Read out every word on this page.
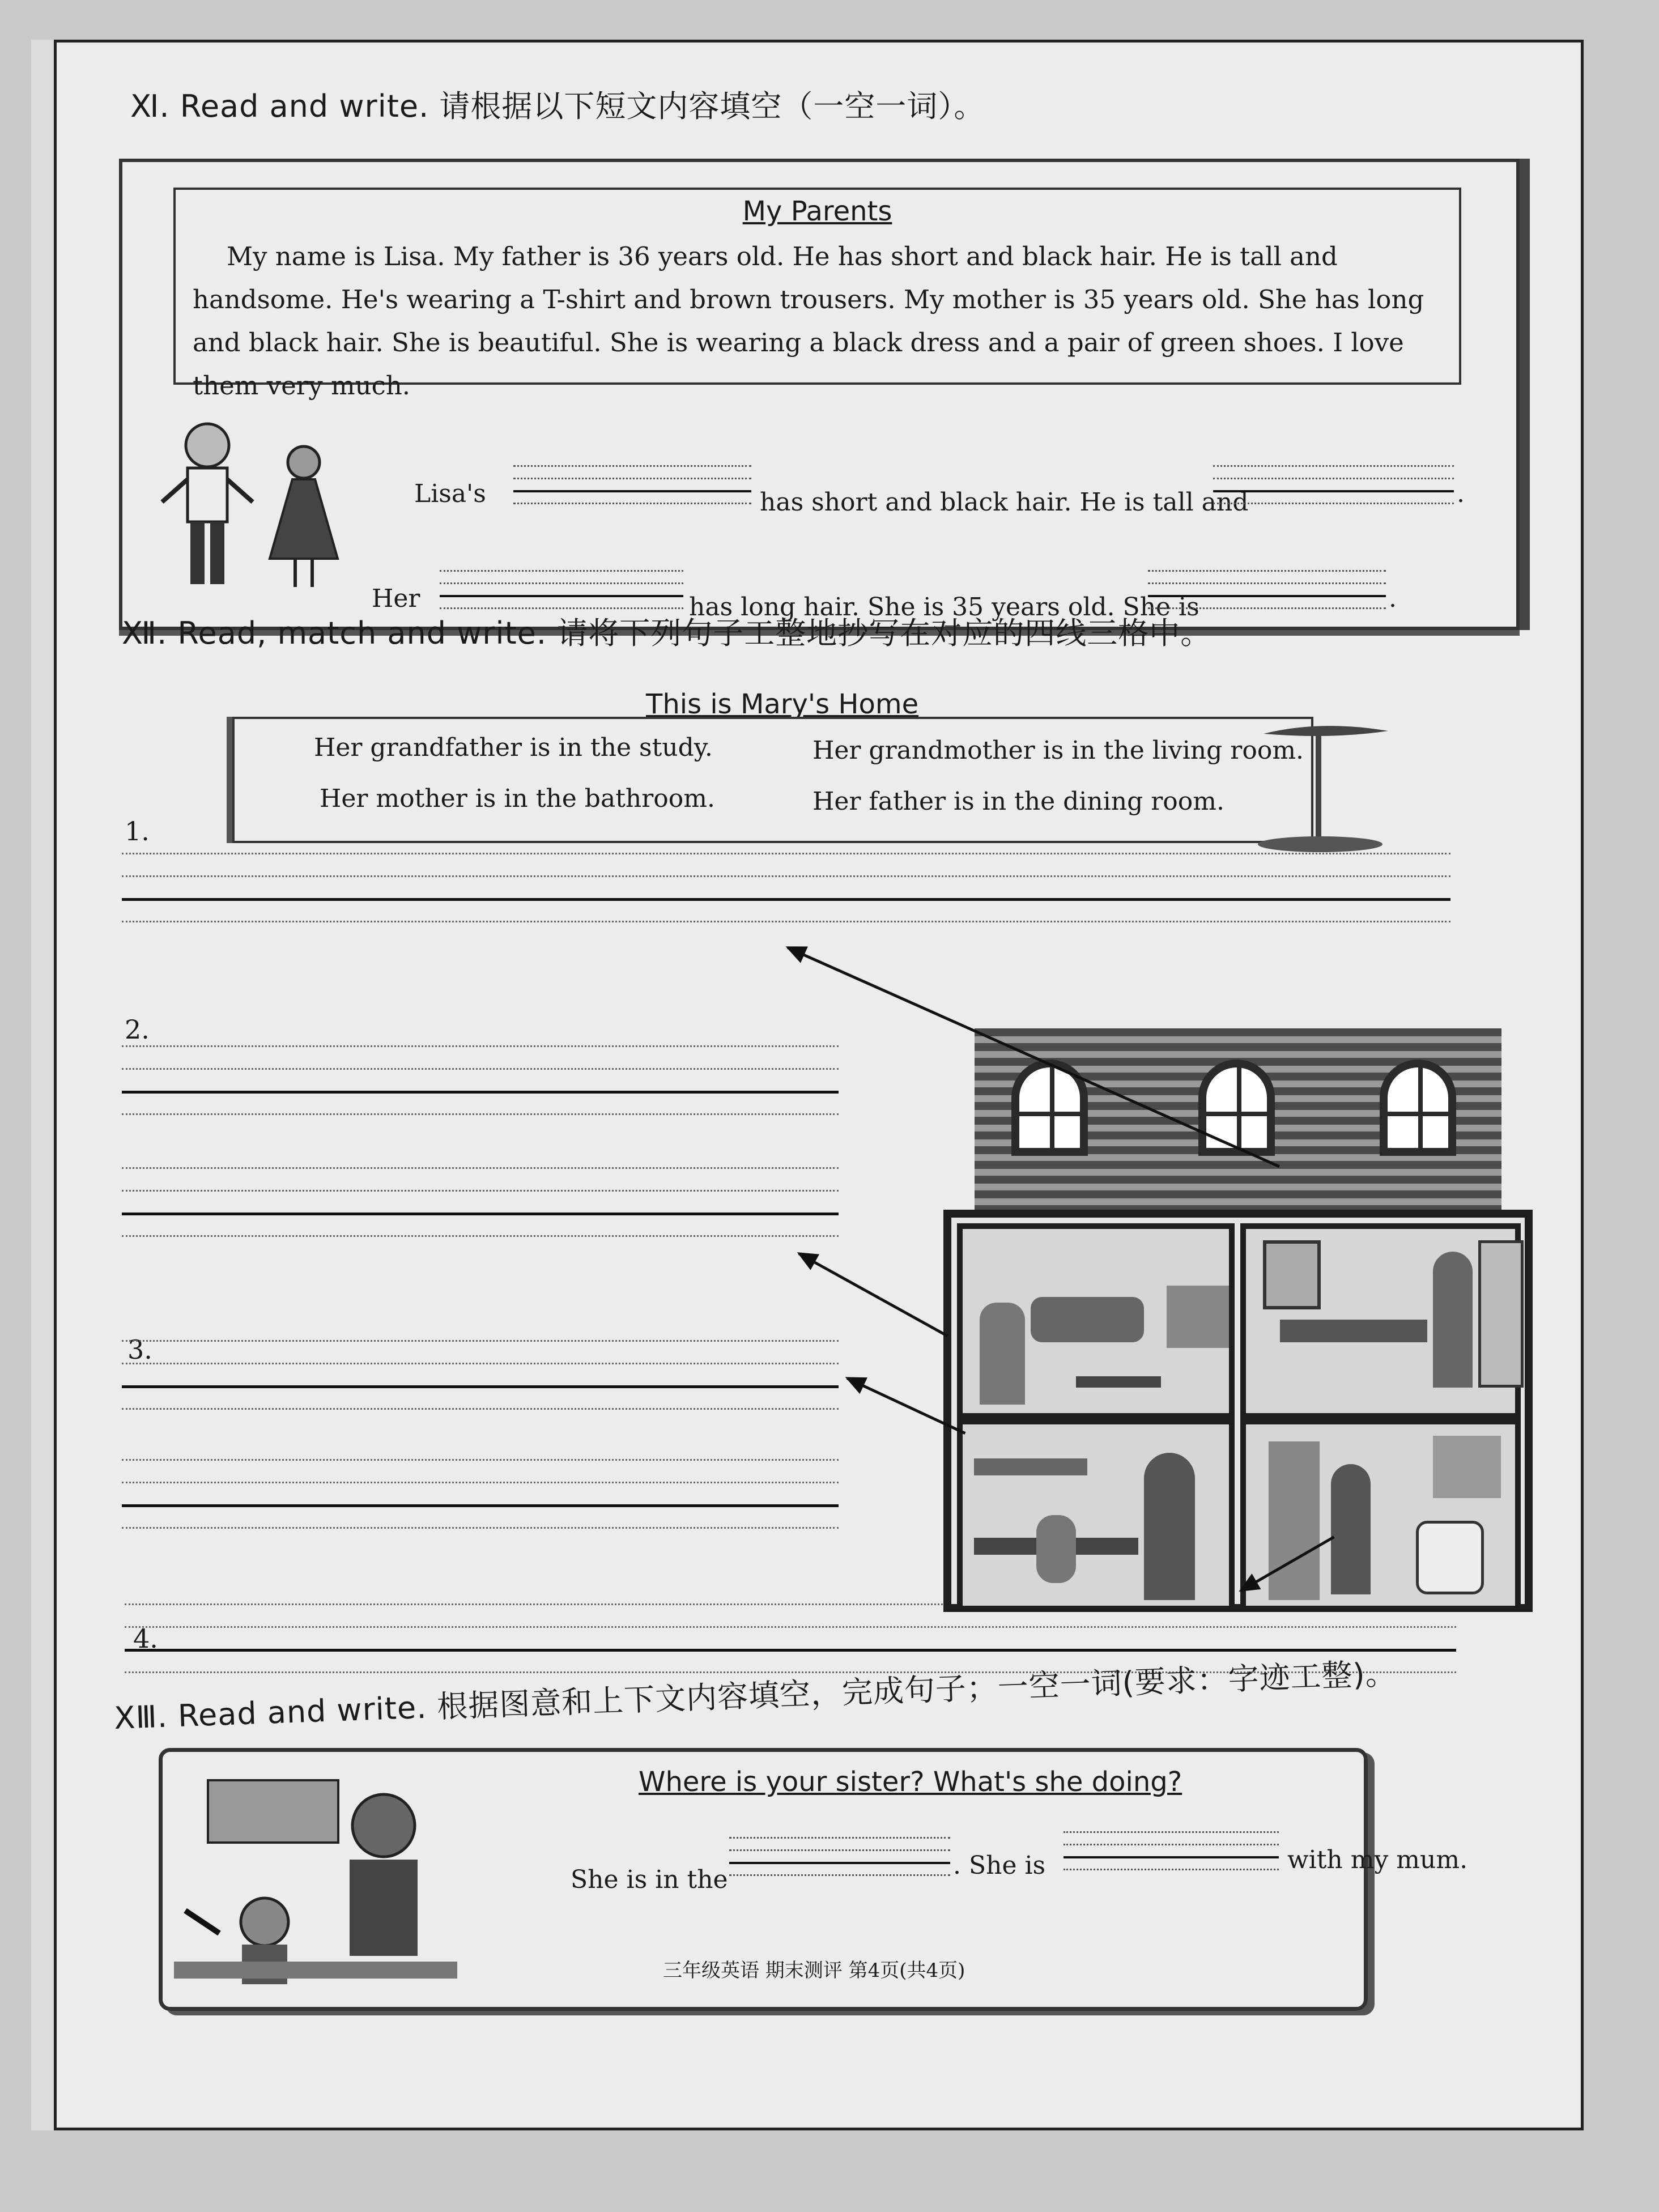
Ⅺ. Read and write. 请根据以下短文内容填空（一空一词）。
My Parents
My name is Lisa. My father is 36 years old. He has short and black hair. He is tall and handsome. He's wearing a T-shirt and brown trousers. My mother is 35 years old. She has long and black hair. She is beautiful. She is wearing a black dress and a pair of green shoes. I love them very much.
Lisa's	has short and black hair. He is tall and	.
Her	has long hair. She is 35 years old. She is	.
Ⅻ. Read, match and write. 请将下列句子工整地抄写在对应的四线三格中。
This is Mary's Home
Her grandfather is in the study.	Her grandmother is in the living room.
Her mother is in the bathroom.	Her father is in the dining room.
1.
2.
3.
4.
ⅩⅢ. Read and write. 根据图意和上下文内容填空，完成句子；一空一词(要求：字迹工整)。
Where is your sister? What's she doing?
She is in the	. She is	with my mum.
三年级英语 期末测评 第4页(共4页)
